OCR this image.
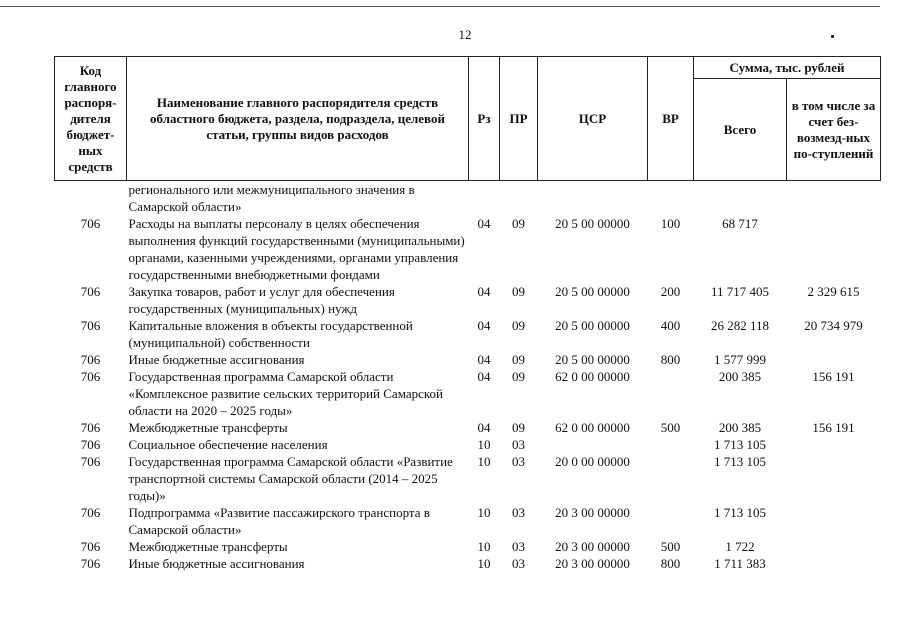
12
Код главного распоря-дителя бюджет-ных средств	Наименование главного распорядителя средств областного бюджета, раздела, подраздела, целевой статьи, группы видов расходов	Рз	ПР	ЦСР	ВР	Сумма, тыс. рублей	
						Всего	в том числе за счет без-возмезд-ных по-ступлений
	регионального или межмуниципального значения в Самарской области»						
706	Расходы на выплаты персоналу в целях обеспечения выполнения функций государственными (муниципальными) органами, казенными учреждениями, органами управления государственными внебюджетными фондами	04	09	20 5 00 00000	100	68 717	
706	Закупка товаров, работ и услуг для обеспечения государственных (муниципальных) нужд	04	09	20 5 00 00000	200	11 717 405	2 329 615
706	Капитальные вложения в объекты государственной (муниципальной) собственности	04	09	20 5 00 00000	400	26 282 118	20 734 979
706	Иные бюджетные ассигнования	04	09	20 5 00 00000	800	1 577 999	
706	Государственная программа Самарской области «Комплексное развитие сельских территорий Самарской области на 2020 – 2025 годы»	04	09	62 0 00 00000		200 385	156 191
706	Межбюджетные трансферты	04	09	62 0 00 00000	500	200 385	156 191
706	Социальное обеспечение населения	10	03			1 713 105	
706	Государственная программа Самарской области «Развитие транспортной системы Самарской области (2014 – 2025 годы)»	10	03	20 0 00 00000		1 713 105	
706	Подпрограмма «Развитие пассажирского транспорта в Самарской области»	10	03	20 3 00 00000		1 713 105	
706	Межбюджетные трансферты	10	03	20 3 00 00000	500	1 722	
706	Иные бюджетные ассигнования	10	03	20 3 00 00000	800	1 711 383	
